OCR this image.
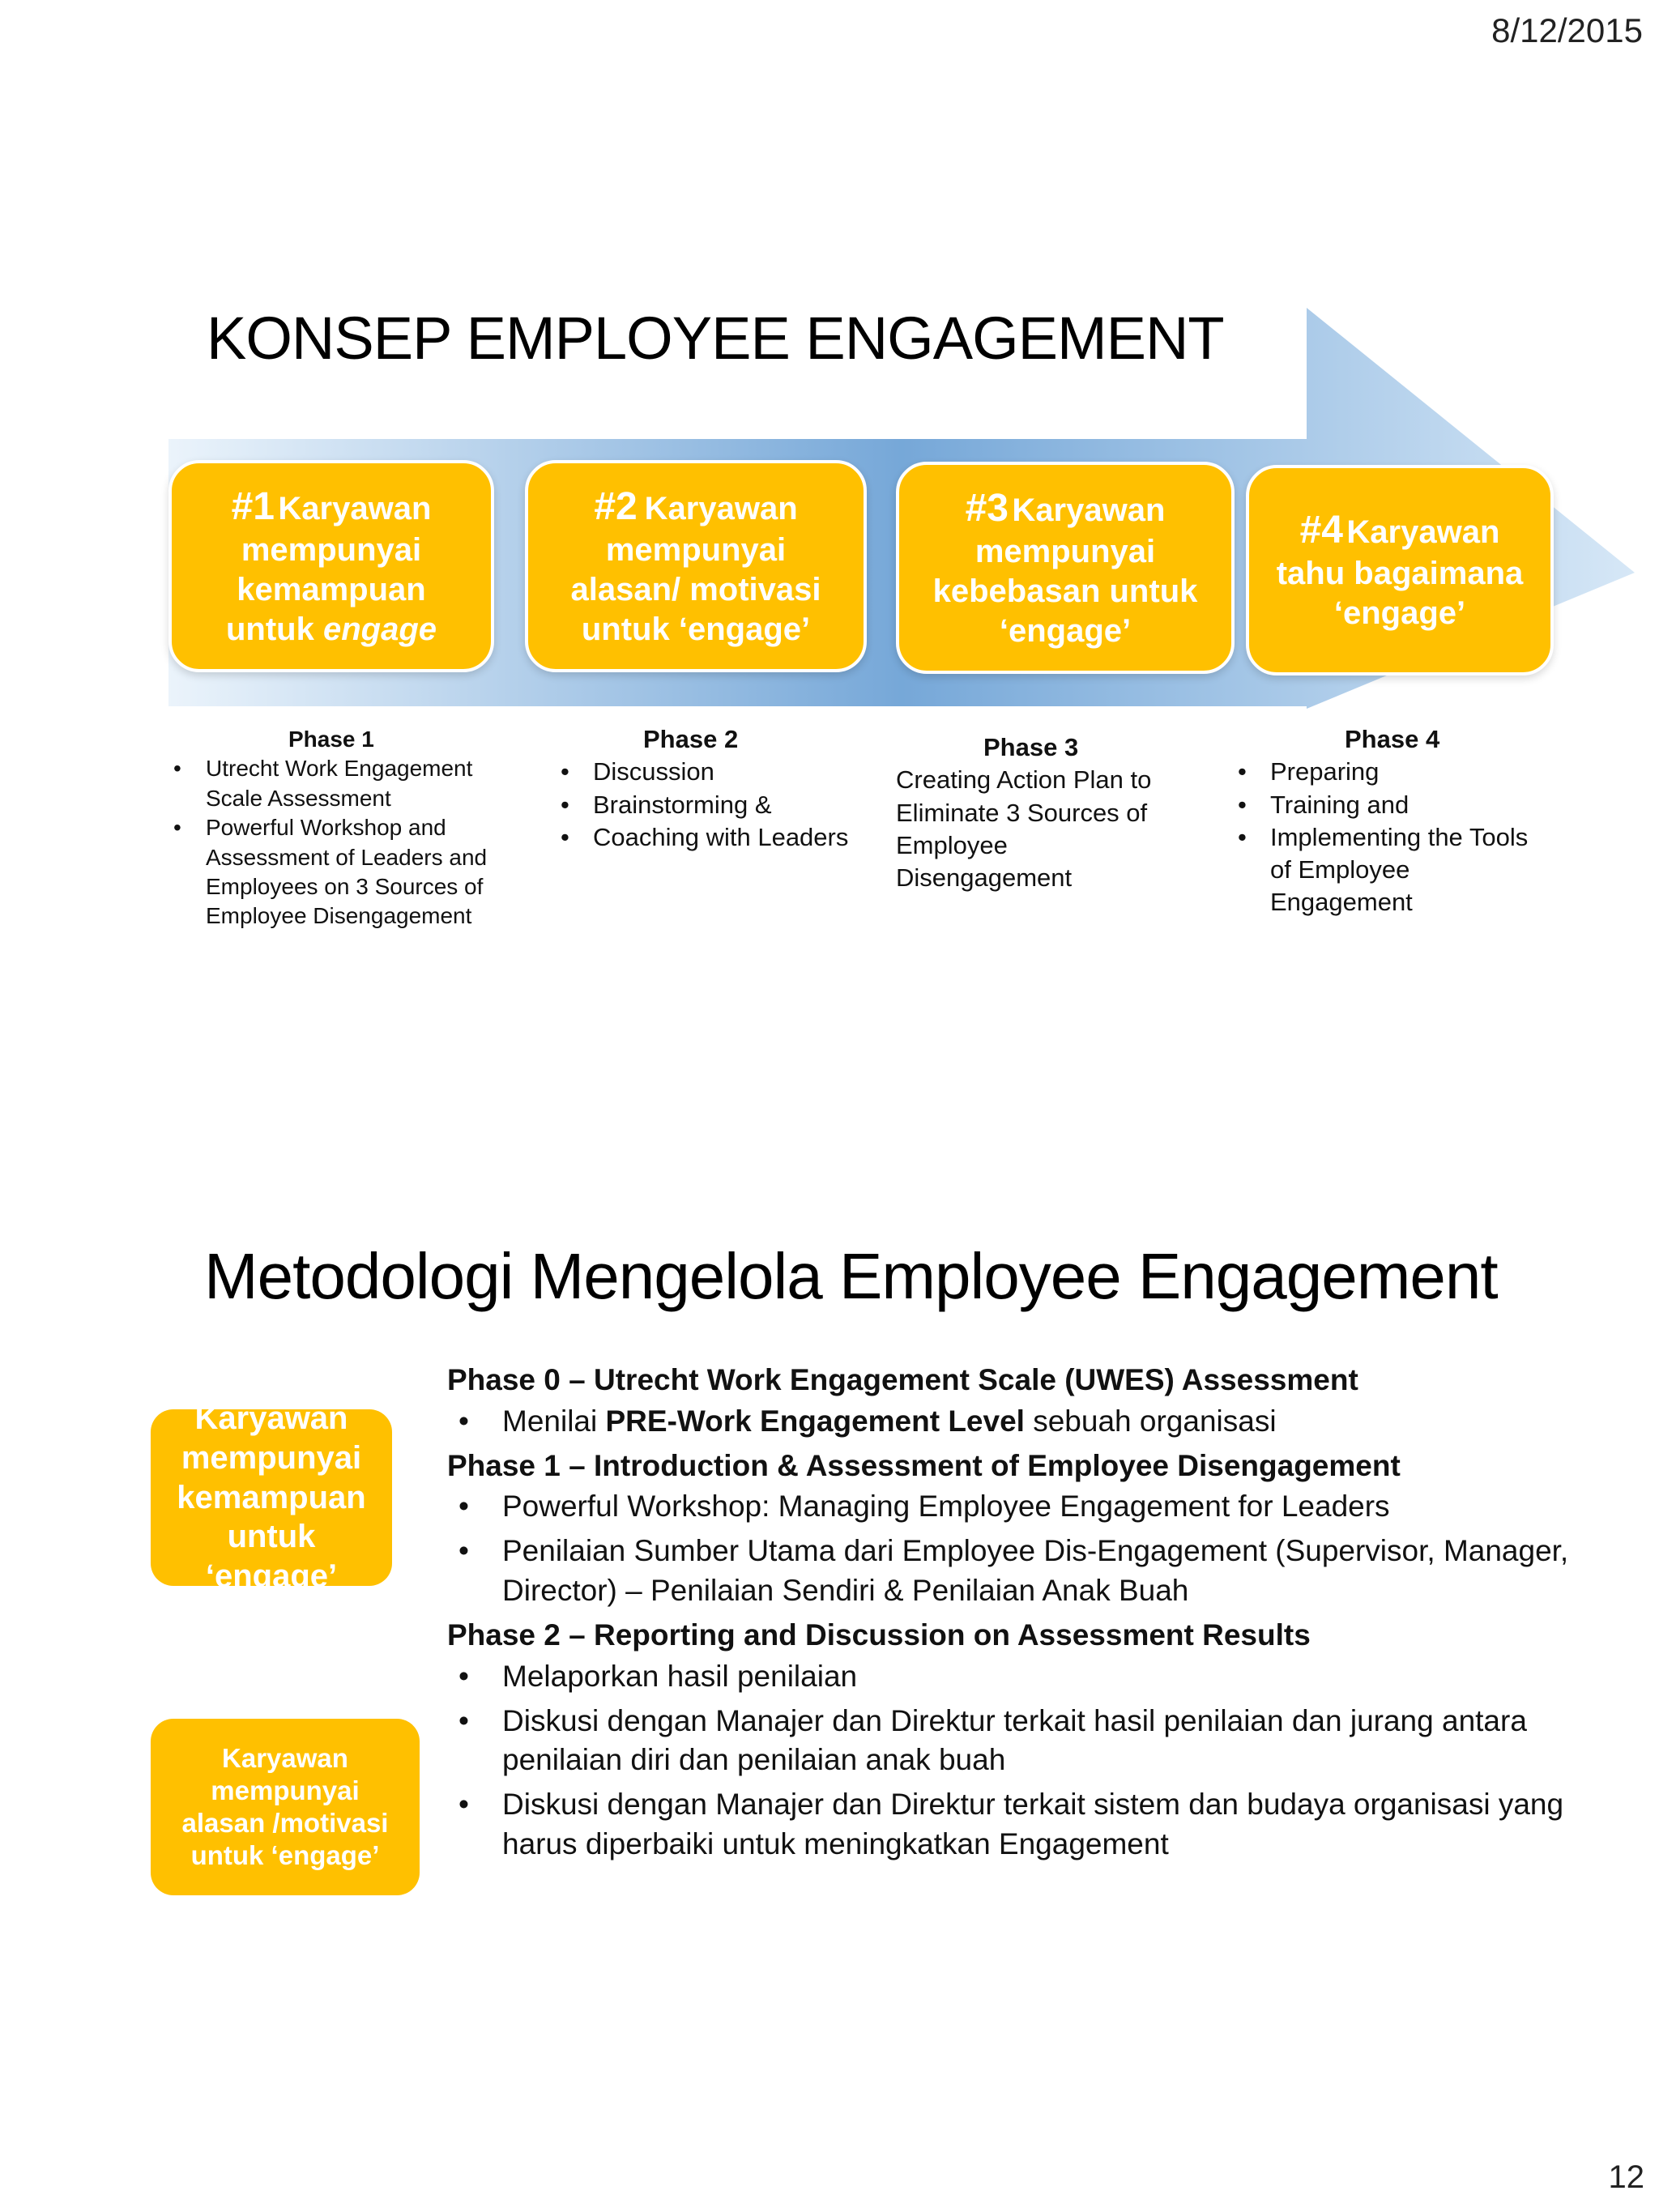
8/12/2015
12
KONSEP EMPLOYEE ENGAGEMENT
#1 Karyawan
mempunyai
kemampuan
untuk engage
#2 Karyawan
mempunyai
alasan/ motivasi
untuk ‘engage’
#3 Karyawan
mempunyai
kebebasan untuk
‘engage’
#4 Karyawan
tahu bagaimana
‘engage’
Phase 1
• Utrecht Work Engagement Scale Assessment
• Powerful Workshop and Assessment of Leaders and Employees on 3 Sources of Employee Disengagement
Phase 2
• Discussion
• Brainstorming &
• Coaching with Leaders
Phase 3
Creating Action Plan to Eliminate 3 Sources of Employee Disengagement
Phase 4
• Preparing
• Training and
• Implementing the Tools of Employee Engagement
Metodologi Mengelola Employee Engagement
Karyawan
mempunyai
kemampuan
untuk ‘engage’
Karyawan
mempunyai
alasan /motivasi
untuk ‘engage’

Phase 0 – Utrecht Work Engagement Scale (UWES) Assessment

• Menilai PRE-Work Engagement Level sebuah organisasi

Phase 1 – Introduction & Assessment of Employee Disengagement

• Powerful Workshop: Managing Employee Engagement for Leaders
• Penilaian Sumber Utama dari Employee Dis-Engagement (Supervisor, Manager, Director) – Penilaian Sendiri & Penilaian Anak Buah

Phase 2 – Reporting and Discussion on Assessment Results

• Melaporkan hasil penilaian
• Diskusi dengan Manajer dan Direktur terkait hasil penilaian dan jurang antara penilaian diri dan penilaian anak buah
• Diskusi dengan Manajer dan Direktur terkait sistem dan budaya organisasi yang harus diperbaiki untuk meningkatkan Engagement
